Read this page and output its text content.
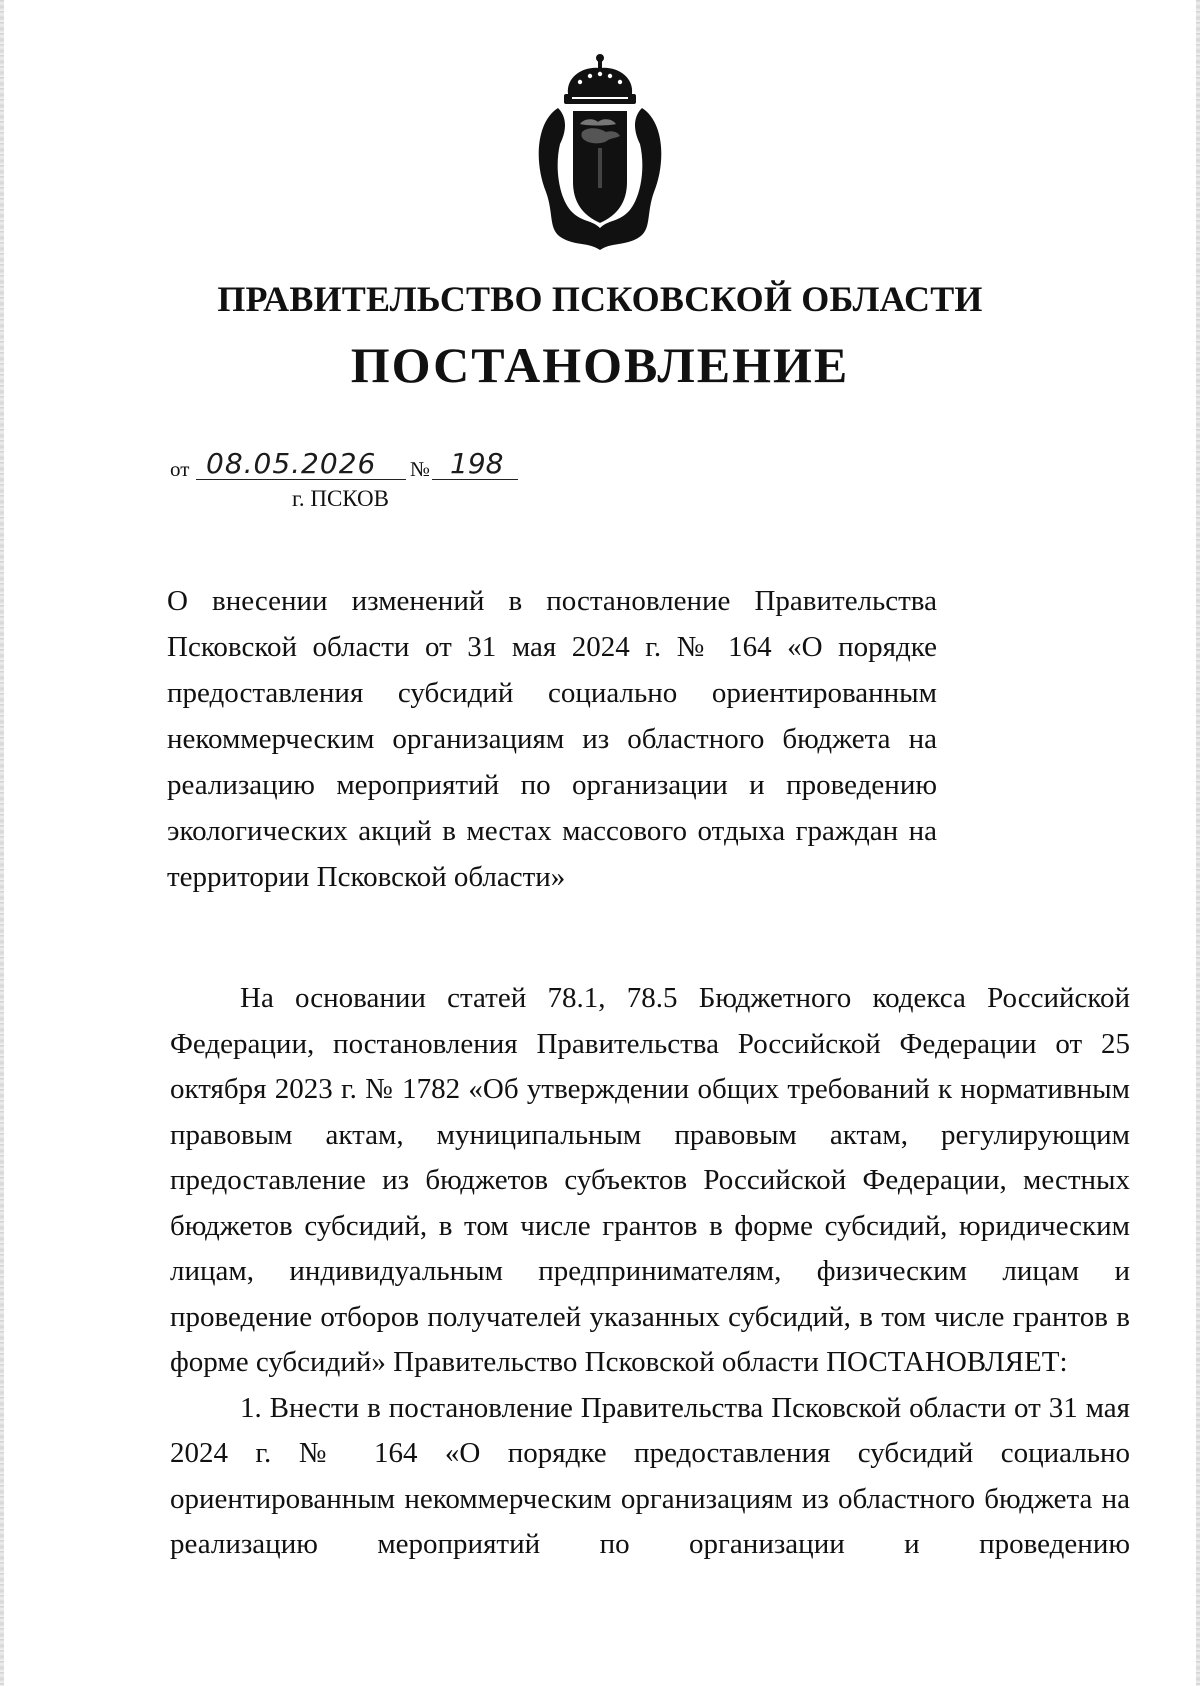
ПРАВИТЕЛЬСТВО ПСКОВСКОЙ ОБЛАСТИ
ПОСТАНОВЛЕНИЕ
от 08.05.2026	№ 198
г. ПСКОВ

О внесении изменений в постановление Правительства Псковской области от 31 мая 2024 г. № 164 «О порядке предоставления субсидий социально ориентированным некоммерческим организациям из областного бюджета на реализацию мероприятий по организации и проведению экологических акций в местах массового отдыха граждан на территории Псковской области»

На основании статей 78.1, 78.5 Бюджетного кодекса Российской Федерации, постановления Правительства Российской Федерации от 25 октября 2023 г. № 1782 «Об утверждении общих требований к нормативным правовым актам, муниципальным правовым актам, регулирующим предоставление из бюджетов субъектов Российской Федерации, местных бюджетов субсидий, в том числе грантов в форме субсидий, юридическим лицам, индивидуальным предпринимателям, физическим лицам и проведение отборов получателей указанных субсидий, в том числе грантов в форме субсидий» Правительство Псковской области ПОСТАНОВЛЯЕТ:

1. Внести в постановление Правительства Псковской области от 31 мая 2024 г. № 164 «О порядке предоставления субсидий социально ориентированным некоммерческим организациям из областного бюджета на реализацию мероприятий по организации и проведению
